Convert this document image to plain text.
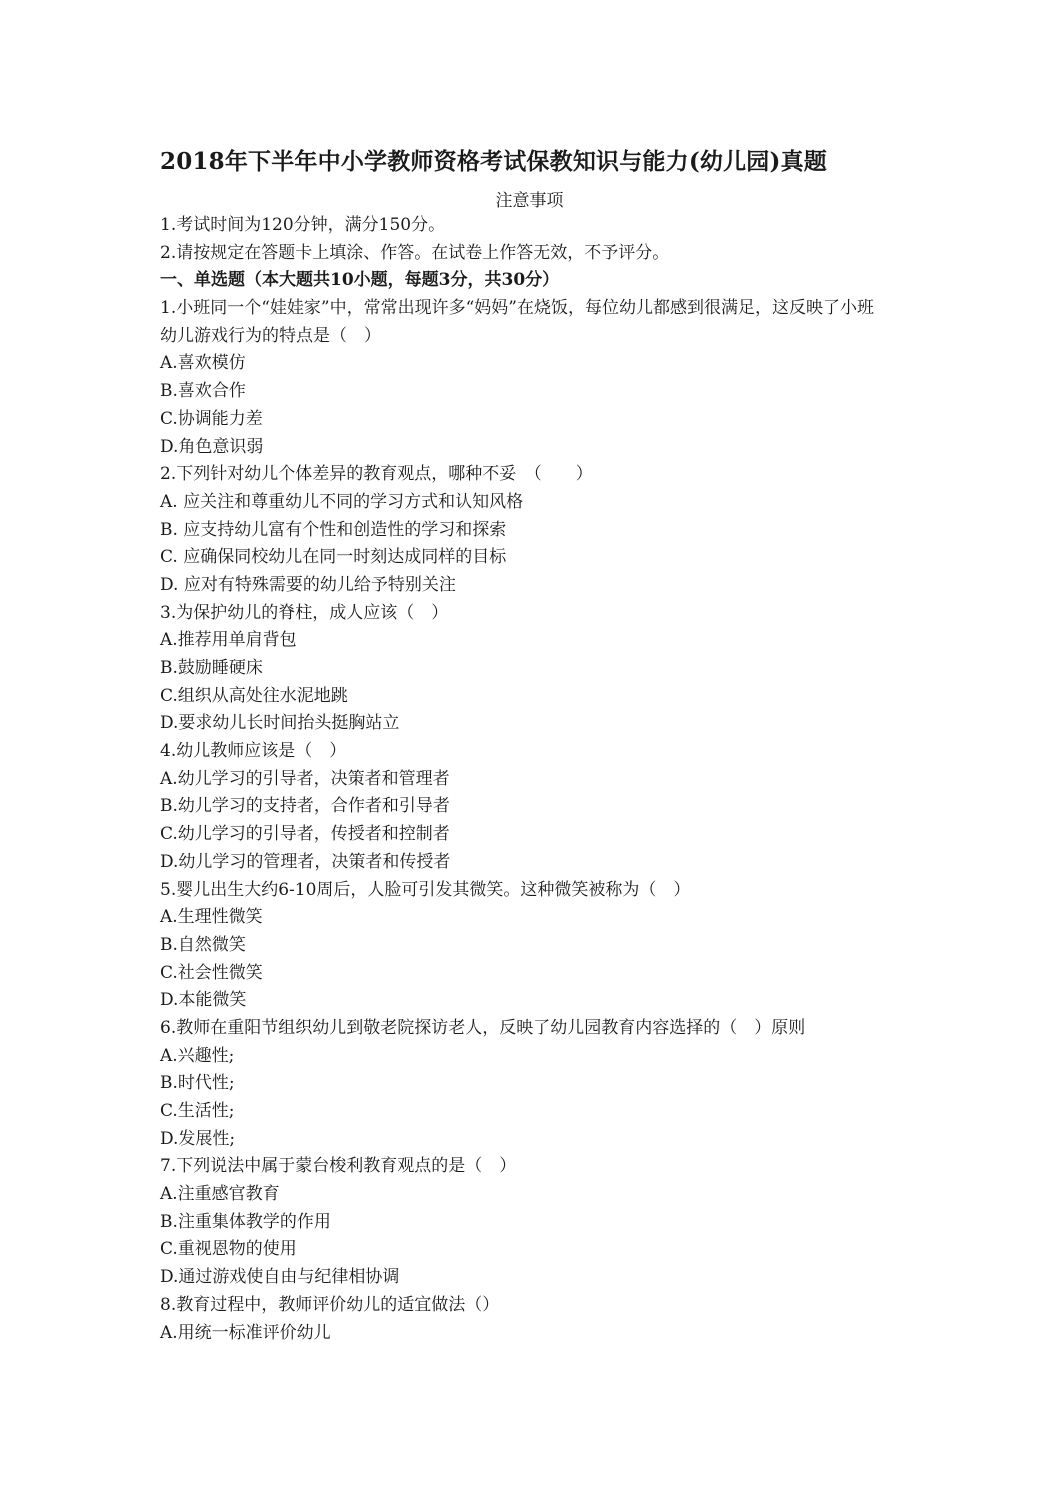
2018年下半年中小学教师资格考试保教知识与能力(幼儿园)真题
注意事项
1.考试时间为120分钟，满分150分。
2.请按规定在答题卡上填涂、作答。在试卷上作答无效，不予评分。
一、单选题（本大题共10小题，每题3分，共30分）
1.小班同一个“娃娃家”中，常常出现许多“妈妈”在烧饭，每位幼儿都感到很满足，这反映了小班幼儿游戏行为的特点是（　）
A.喜欢模仿
B.喜欢合作
C.协调能力差
D.角色意识弱
2.下列针对幼儿个体差异的教育观点，哪种不妥　（　　）
A. 应关注和尊重幼儿不同的学习方式和认知风格
B. 应支持幼儿富有个性和创造性的学习和探索
C. 应确保同校幼儿在同一时刻达成同样的目标
D. 应对有特殊需要的幼儿给予特别关注
3.为保护幼儿的脊柱，成人应该（　）
A.推荐用单肩背包
B.鼓励睡硬床
C.组织从高处往水泥地跳
D.要求幼儿长时间抬头挺胸站立
4.幼儿教师应该是（　）
A.幼儿学习的引导者，决策者和管理者
B.幼儿学习的支持者，合作者和引导者
C.幼儿学习的引导者，传授者和控制者
D.幼儿学习的管理者，决策者和传授者
5.婴儿出生大约6-10周后，人脸可引发其微笑。这种微笑被称为（　）
A.生理性微笑
B.自然微笑
C.社会性微笑
D.本能微笑
6.教师在重阳节组织幼儿到敬老院探访老人，反映了幼儿园教育内容选择的（　）原则
A.兴趣性;
B.时代性;
C.生活性;
D.发展性;
7.下列说法中属于蒙台梭利教育观点的是（　）
A.注重感官教育
B.注重集体教学的作用
C.重视恩物的使用
D.通过游戏使自由与纪律相协调
8.教育过程中，教师评价幼儿的适宜做法（）
A.用统一标准评价幼儿
